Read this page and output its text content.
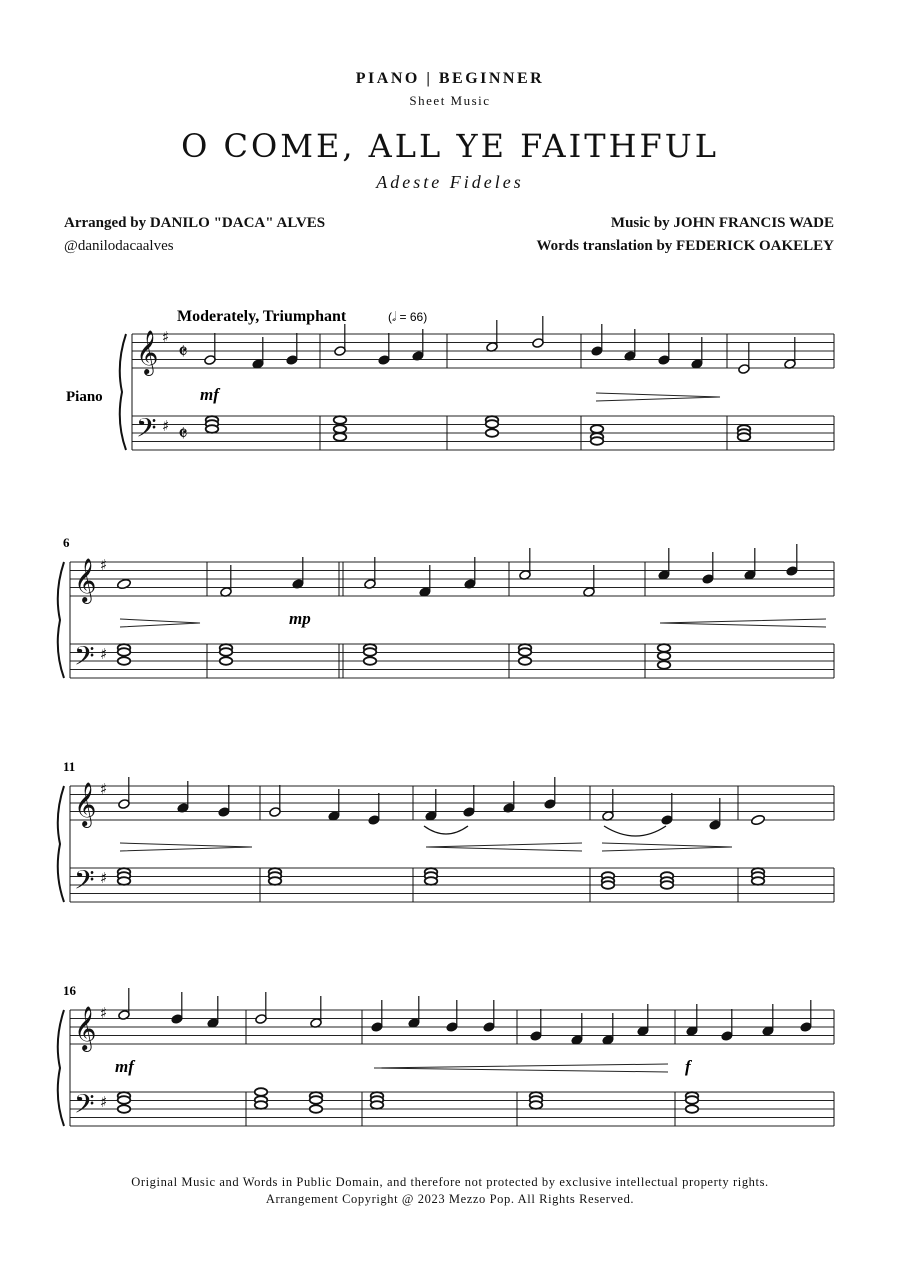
PIANO | BEGINNER
Sheet Music
O COME, ALL YE FAITHFUL
Adeste Fideles
Arranged by DANILO "DACA" ALVES
@danilodacaalves
Music by JOHN FRANCIS WADE
Words translation by FEDERICK OAKELEY
Moderately, Triumphant	(𝅗𝅥 = 66)
Piano
6
11
16
mf
mp
mf	f
𝄞
𝄢
♯
♯
𝄵
𝄵
𝄞
𝄢
♯
♯
𝄞
𝄢
♯
♯
𝄞
𝄢
♯
♯
Original Music and Words in Public Domain, and therefore not protected by exclusive intellectual property rights.
Arrangement Copyright @ 2023 Mezzo Pop. All Rights Reserved.
